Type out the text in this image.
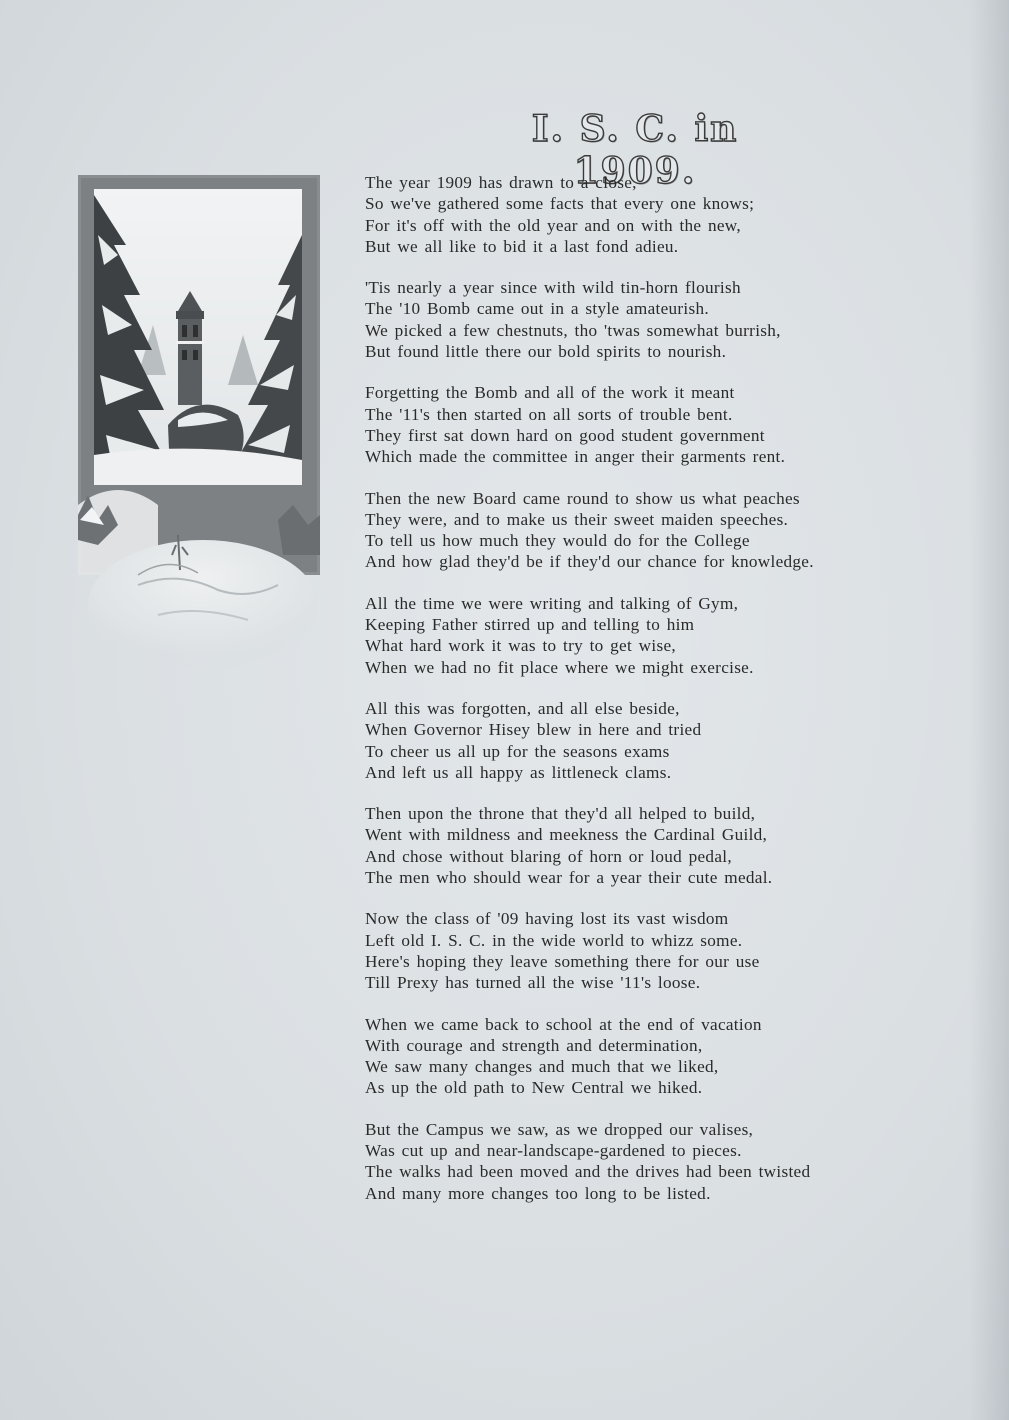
I. S. C. in 1909.
The year 1909 has drawn to a close,
So we've gathered some facts that every one knows;
For it's off with the old year and on with the new,
But we all like to bid it a last fond adieu.
'Tis nearly a year since with wild tin-horn flourish
The '10 Bomb came out in a style amateurish.
We picked a few chestnuts, tho 'twas somewhat burrish,
But found little there our bold spirits to nourish.
Forgetting the Bomb and all of the work it meant
The '11's then started on all sorts of trouble bent.
They first sat down hard on good student government
Which made the committee in anger their garments rent.
Then the new Board came round to show us what peaches
They were, and to make us their sweet maiden speeches.
To tell us how much they would do for the College
And how glad they'd be if they'd our chance for knowledge.
All the time we were writing and talking of Gym,
Keeping Father stirred up and telling to him
What hard work it was to try to get wise,
When we had no fit place where we might exercise.
All this was forgotten, and all else beside,
When Governor Hisey blew in here and tried
To cheer us all up for the seasons exams
And left us all happy as littleneck clams.
Then upon the throne that they'd all helped to build,
Went with mildness and meekness the Cardinal Guild,
And chose without blaring of horn or loud pedal,
The men who should wear for a year their cute medal.
Now the class of '09 having lost its vast wisdom
Left old I. S. C. in the wide world to whizz some.
Here's hoping they leave something there for our use
Till Prexy has turned all the wise '11's loose.
When we came back to school at the end of vacation
With courage and strength and determination,
We saw many changes and much that we liked,
As up the old path to New Central we hiked.
But the Campus we saw, as we dropped our valises,
Was cut up and near-landscape-gardened to pieces.
The walks had been moved and the drives had been twisted
And many more changes too long to be listed.
